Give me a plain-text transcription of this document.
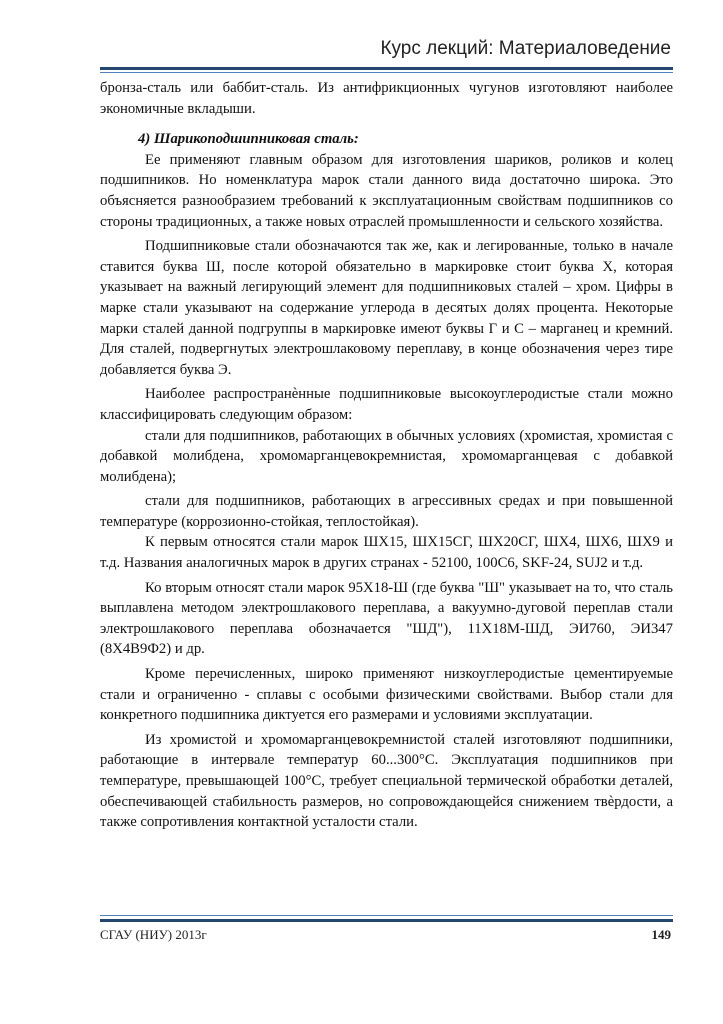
Курс лекций: Материаловедение

бронза-сталь или баббит-сталь. Из антифрикционных чугунов изготовляют наиболее экономичные вкладыши.

4) Шарикоподшипниковая сталь:

Ее применяют главным образом для изготовления шариков, роликов и колец подшипников. Но номенклатура марок стали данного вида достаточно широка. Это объясняется разнообразием требований к эксплуатационным свойствам подшипников со стороны традиционных, а также новых отраслей промышленности и сельского хозяйства.

Подшипниковые стали обозначаются так же, как и легированные, только в начале ставится буква Ш, после которой обязательно в маркировке стоит буква Х, которая указывает на важный легирующий элемент для подшипниковых сталей – хром. Цифры в марке стали указывают на содержание углерода в десятых долях процента. Некоторые марки сталей данной подгруппы в маркировке имеют буквы Г и С – марганец и кремний. Для сталей, подвергнутых электрошлаковому переплаву, в конце обозначения через тире добавляется буква Э.

Наиболее распространѐнные подшипниковые высокоуглеродистые стали можно классифицировать следующим образом:

стали для подшипников, работающих в обычных условиях (хромистая, хромистая с добавкой молибдена, хромомарганцевокремнистая, хромомарганцевая с добавкой молибдена);

стали для подшипников, работающих в агрессивных средах и при повышенной температуре (коррозионно-стойкая, теплостойкая).

К первым относятся стали марок ШХ15, ШХ15СГ, ШХ20СГ, ШХ4, ШХ6, ШХ9 и т.д. Названия аналогичных марок в других странах - 52100, 100C6, SKF-24, SUJ2 и т.д.

Ко вторым относят стали марок 95Х18-Ш (где буква "Ш" указывает на то, что сталь выплавлена методом электрошлакового переплава, а вакуумно-дуговой переплав стали электрошлакового переплава обозначается "ШД"), 11Х18М-ШД, ЭИ760, ЭИ347 (8Х4В9Ф2) и др.

Кроме перечисленных, широко применяют низкоуглеродистые цементируемые стали и ограниченно - сплавы с особыми физическими свойствами. Выбор стали для конкретного подшипника диктуется его размерами и условиями эксплуатации.

Из хромистой и хромомарганцевокремнистой сталей изготовляют подшипники, работающие в интервале температур 60...300°С. Эксплуатация подшипников при температуре, превышающей 100°С, требует специальной термической обработки деталей, обеспечивающей стабильность размеров, но сопровождающейся снижением твѐрдости, а также сопротивления контактной усталости стали.

СГАУ (НИУ) 2013г	149
